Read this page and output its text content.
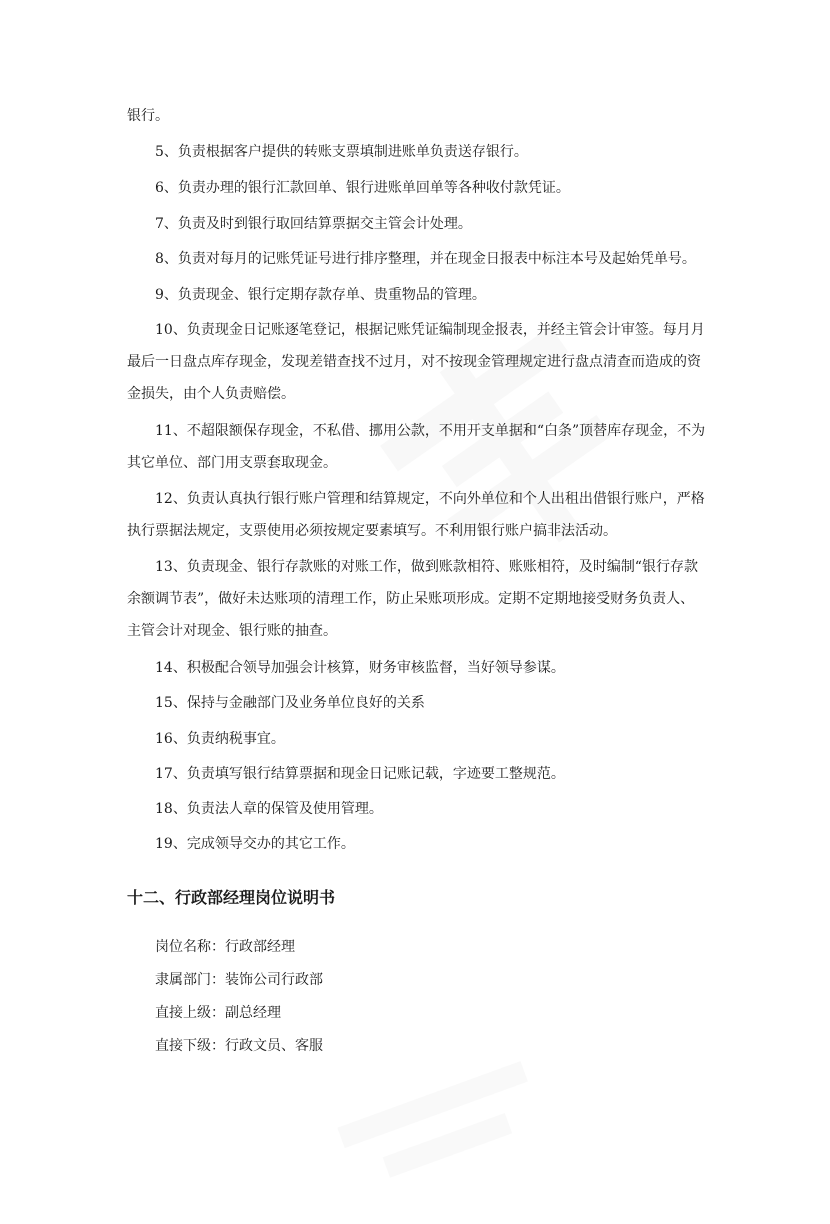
银行。
5、负责根据客户提供的转账支票填制进账单负责送存银行。
6、负责办理的银行汇款回单、银行进账单回单等各种收付款凭证。
7、负责及时到银行取回结算票据交主管会计处理。
8、负责对每月的记账凭证号进行排序整理，并在现金日报表中标注本号及起始凭单号。
9、负责现金、银行定期存款存单、贵重物品的管理。
10、负责现金日记账逐笔登记，根据记账凭证编制现金报表，并经主管会计审签。每月月最后一日盘点库存现金，发现差错查找不过月，对不按现金管理规定进行盘点清查而造成的资金损失，由个人负责赔偿。
11、不超限额保存现金，不私借、挪用公款，不用开支单据和“白条”顶替库存现金，不为其它单位、部门用支票套取现金。
12、负责认真执行银行账户管理和结算规定，不向外单位和个人出租出借银行账户，严格执行票据法规定，支票使用必须按规定要素填写。不利用银行账户搞非法活动。
13、负责现金、银行存款账的对账工作，做到账款相符、账账相符，及时编制“银行存款余额调节表”，做好未达账项的清理工作，防止呆账项形成。定期不定期地接受财务负责人、主管会计对现金、银行账的抽查。
14、积极配合领导加强会计核算，财务审核监督，当好领导参谋。
15、保持与金融部门及业务单位良好的关系
16、负责纳税事宜。
17、负责填写银行结算票据和现金日记账记载，字迹要工整规范。
18、负责法人章的保管及使用管理。
19、完成领导交办的其它工作。
十二、行政部经理岗位说明书
岗位名称：行政部经理
隶属部门：装饰公司行政部
直接上级：副总经理
直接下级：行政文员、客服
